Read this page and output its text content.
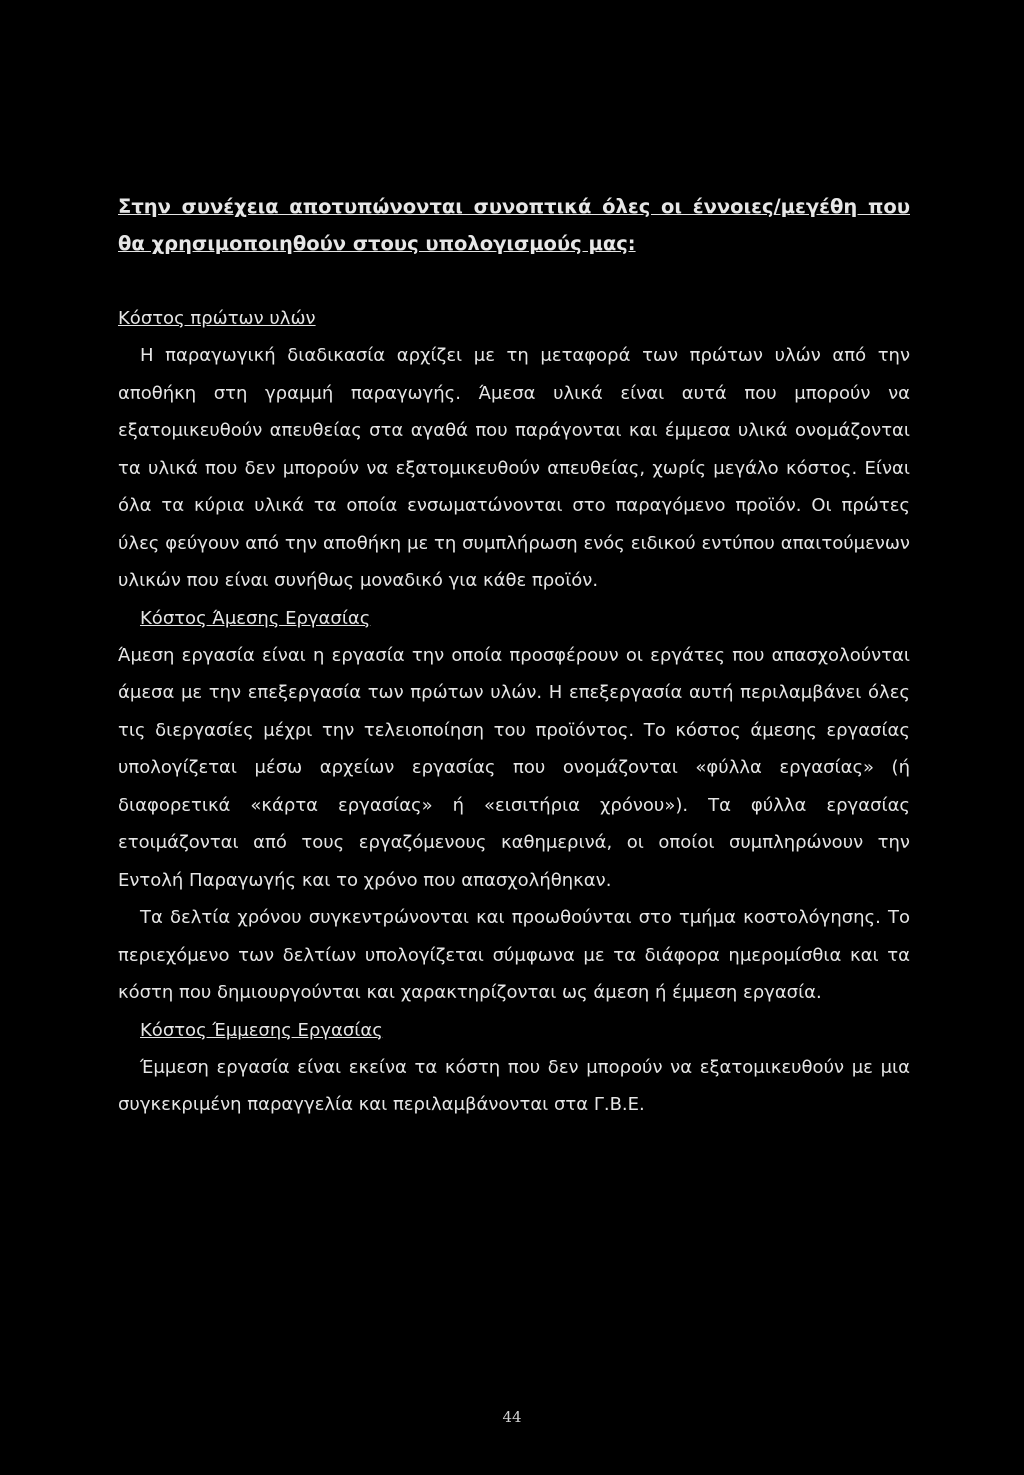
Στην συνέχεια αποτυπώνονται συνοπτικά όλες οι έννοιες/μεγέθη που θα χρησιμοποιηθούν στους υπολογισμούς μας:

Κόστος πρώτων υλών

Η παραγωγική διαδικασία αρχίζει με τη μεταφορά των πρώτων υλών από την αποθήκη στη γραμμή παραγωγής. Άμεσα υλικά είναι αυτά που μπορούν να εξατομικευθούν απευθείας στα αγαθά που παράγονται και έμμεσα υλικά ονομάζονται τα υλικά που δεν μπορούν να εξατομικευθούν απευθείας, χωρίς μεγάλο κόστος. Είναι όλα τα κύρια υλικά τα οποία ενσωματώνονται στο παραγόμενο προϊόν. Οι πρώτες ύλες φεύγουν από την αποθήκη με τη συμπλήρωση ενός ειδικού εντύπου απαιτούμενων υλικών που είναι συνήθως μοναδικό για κάθε προϊόν.

Κόστος Άμεσης Εργασίας

Άμεση εργασία είναι η εργασία την οποία προσφέρουν οι εργάτες που απασχολούνται άμεσα με την επεξεργασία των πρώτων υλών. Η επεξεργασία αυτή περιλαμβάνει όλες τις διεργασίες μέχρι την τελειοποίηση του προϊόντος. Το κόστος άμεσης εργασίας υπολογίζεται μέσω αρχείων εργασίας που ονομάζονται «φύλλα εργασίας» (ή διαφορετικά «κάρτα εργασίας» ή «εισιτήρια χρόνου»). Τα φύλλα εργασίας ετοιμάζονται από τους εργαζόμενους καθημερινά, οι οποίοι συμπληρώνουν την Εντολή Παραγωγής και το χρόνο που απασχολήθηκαν.

Τα δελτία χρόνου συγκεντρώνονται και προωθούνται στο τμήμα κοστολόγησης. Το περιεχόμενο των δελτίων υπολογίζεται σύμφωνα με τα διάφορα ημερομίσθια και τα κόστη που δημιουργούνται και χαρακτηρίζονται ως άμεση ή έμμεση εργασία.

Κόστος Έμμεσης Εργασίας

Έμμεση εργασία είναι εκείνα τα κόστη που δεν μπορούν να εξατομικευθούν με μια συγκεκριμένη παραγγελία και περιλαμβάνονται στα Γ.Β.Ε.

44
